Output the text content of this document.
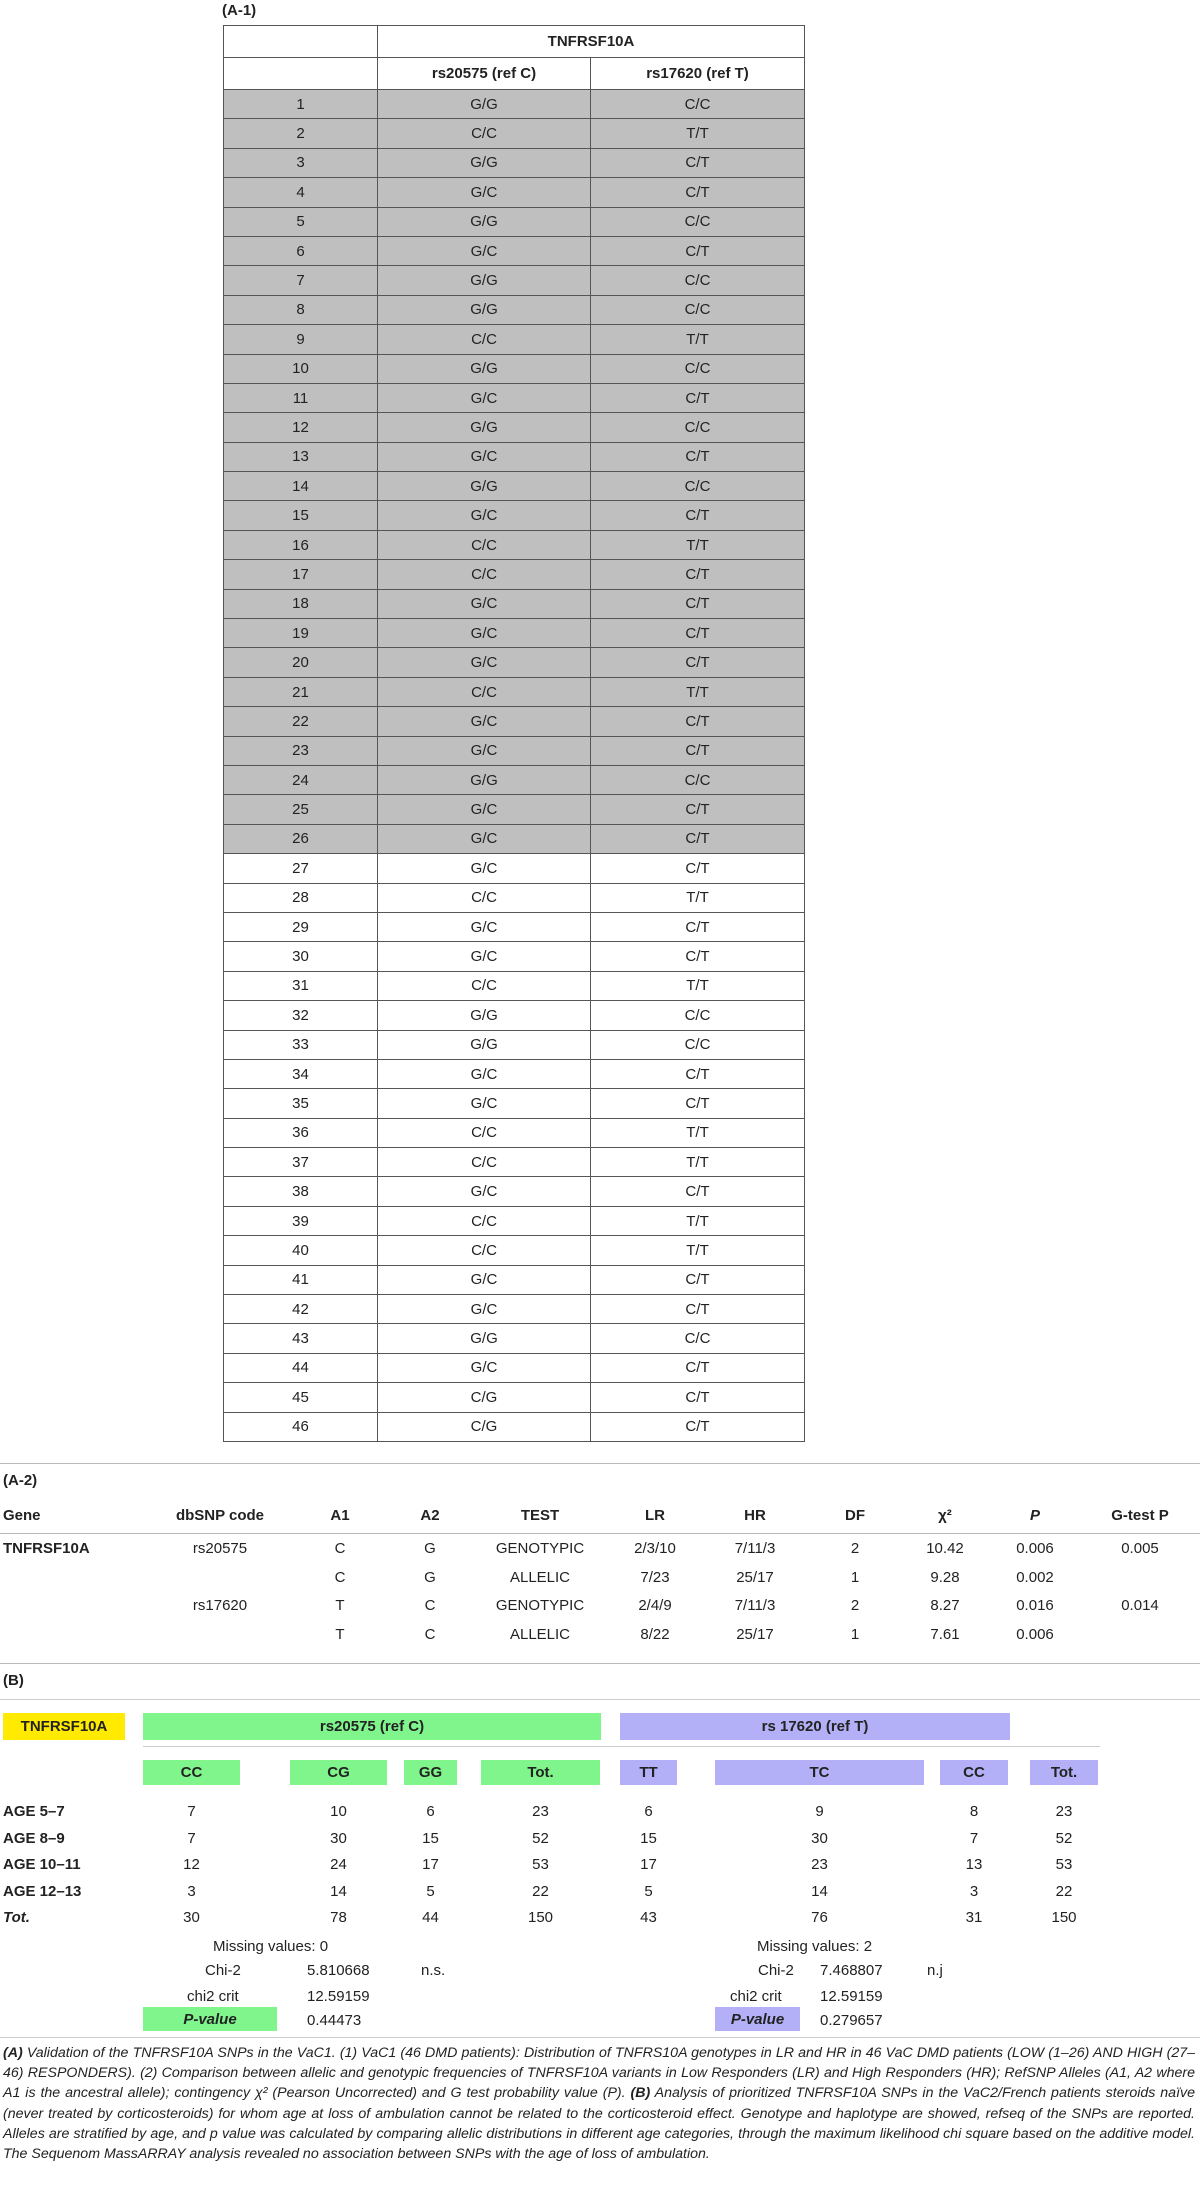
(A-1)
	TNFRSF10A	
	rs20575 (ref C)	rs17620 (ref T)
1	G/G	C/C
2	C/C	T/T
3	G/G	C/T
4	G/C	C/T
5	G/G	C/C
6	G/C	C/T
7	G/G	C/C
8	G/G	C/C
9	C/C	T/T
10	G/G	C/C
11	G/C	C/T
12	G/G	C/C
13	G/C	C/T
14	G/G	C/C
15	G/C	C/T
16	C/C	T/T
17	C/C	C/T
18	G/C	C/T
19	G/C	C/T
20	G/C	C/T
21	C/C	T/T
22	G/C	C/T
23	G/C	C/T
24	G/G	C/C
25	G/C	C/T
26	G/C	C/T
27	G/C	C/T
28	C/C	T/T
29	G/C	C/T
30	G/C	C/T
31	C/C	T/T
32	G/G	C/C
33	G/G	C/C
34	G/C	C/T
35	G/C	C/T
36	C/C	T/T
37	C/C	T/T
38	G/C	C/T
39	C/C	T/T
40	C/C	T/T
41	G/C	C/T
42	G/C	C/T
43	G/G	C/C
44	G/C	C/T
45	C/G	C/T
46	C/G	C/T
(A-2)
Gene	dbSNP code	A1	A2	TEST	LR	HR	DF	χ²	P	G-test P
TNFRSF10A	rs20575	C	G	GENOTYPIC	2/3/10	7/11/3	2	10.42	0.006	0.005
		C	G	ALLELIC	7/23	25/17	1	9.28	0.002	
	rs17620	T	C	GENOTYPIC	2/4/9	7/11/3	2	8.27	0.016	0.014
		T	C	ALLELIC	8/22	25/17	1	7.61	0.006	
(B)
TNFRSF10A	rs20575 (ref C)	rs 17620 (ref T)
CC	CG	GG	Tot.	TT	TC	CC	Tot.
AGE 5–7	7	10	6	23	6	9	8	23
AGE 8–9	7	30	15	52	15	30	7	52
AGE 10–11	12	24	17	53	17	23	13	53
AGE 12–13	3	14	5	22	5	14	3	22
Tot.	30	78	44	150	43	76	31	150
Missing values: 0
Chi-2	5.810668	n.s.
chi2 crit	12.59159
P-value	0.44473
Missing values: 2
Chi-2 7.468807	n.j
chi2 crit	12.59159
P-value	0.279657
(A) Validation of the TNFRSF10A SNPs in the VaC1. (1) VaC1 (46 DMD patients): Distribution of TNFRS10A genotypes in LR and HR in 46 VaC DMD patients (LOW (1–26) AND HIGH (27–46) RESPONDERS). (2) Comparison between allelic and genotypic frequencies of TNFRSF10A variants in Low Responders (LR) and High Responders (HR); RefSNP Alleles (A1, A2 where A1 is the ancestral allele); contingency χ² (Pearson Uncorrected) and G test probability value (P). (B) Analysis of prioritized TNFRSF10A SNPs in the VaC2/French patients steroids naïve (never treated by corticosteroids) for whom age at loss of ambulation cannot be related to the corticosteroid effect. Genotype and haplotype are showed, refseq of the SNPs are reported. Alleles are stratified by age, and p value was calculated by comparing allelic distributions in different age categories, through the maximum likelihood chi square based on the additive model. The Sequenom MassARRAY analysis revealed no association between SNPs with the age of loss of ambulation.
